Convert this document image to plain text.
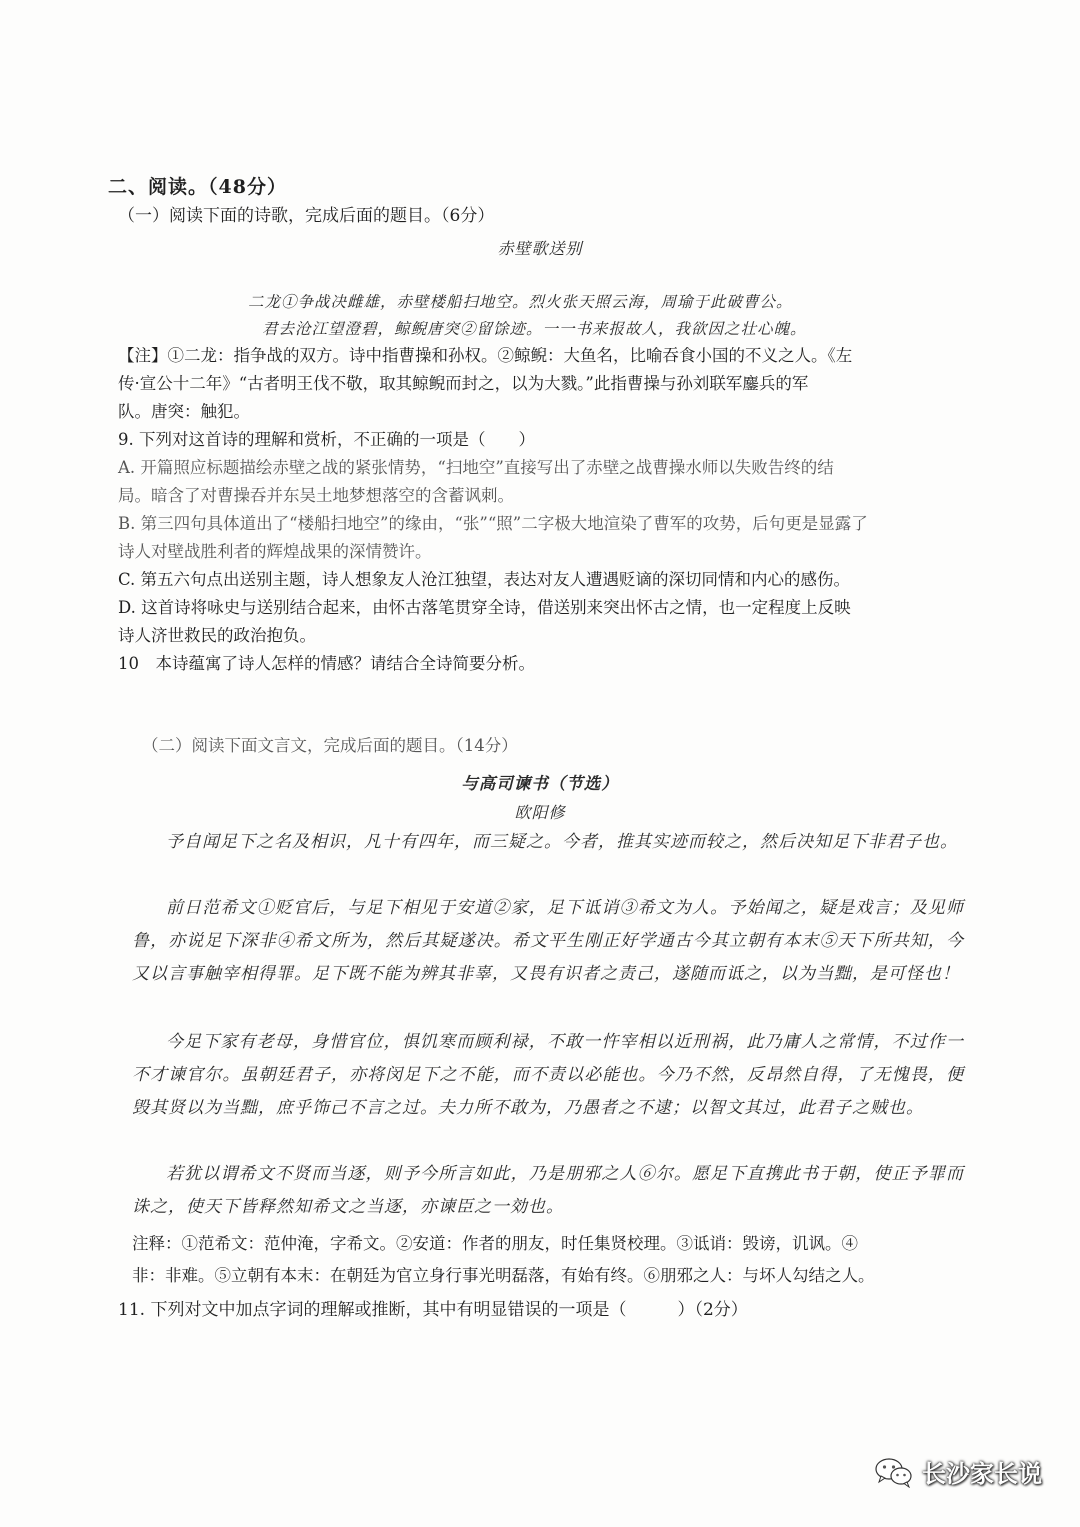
二、阅读。（48分）
（一）阅读下面的诗歌，完成后面的题目。（6分）
赤壁歌送别
二龙①争战决雌雄，赤壁楼船扫地空。烈火张天照云海，周瑜于此破曹公。
君去沧江望澄碧，鲸鲵唐突②留馀迹。一一书来报故人，我欲因之壮心魄。
【注】①二龙：指争战的双方。诗中指曹操和孙权。②鲸鲵：大鱼名，比喻吞食小国的不义之人。《左
传·宣公十二年》“古者明王伐不敬，取其鲸鲵而封之，以为大戮。”此指曹操与孙刘联军鏖兵的军
队。唐突：触犯。
9. 下列对这首诗的理解和赏析，不正确的一项是（　　）
A. 开篇照应标题描绘赤壁之战的紧张情势，“扫地空”直接写出了赤壁之战曹操水师以失败告终的结
局。暗含了对曹操吞并东吴土地梦想落空的含蓄讽刺。
B. 第三四句具体道出了“楼船扫地空”的缘由，“张”“照”二字极大地渲染了曹军的攻势，后句更是显露了
诗人对壁战胜利者的辉煌战果的深情赞许。
C. 第五六句点出送别主题，诗人想象友人沧江独望，表达对友人遭遇贬谪的深切同情和内心的感伤。
D. 这首诗将咏史与送别结合起来，由怀古落笔贯穿全诗，借送别来突出怀古之情，也一定程度上反映
诗人济世救民的政治抱负。
10　本诗蕴寓了诗人怎样的情感？请结合全诗简要分析。
（二）阅读下面文言文，完成后面的题目。（14分）
与高司谏书（节选）
欧阳修
予自闻足下之名及相识，凡十有四年，而三疑之。今者，推其实迹而较之，然后决知足下非君子也。
前日范希文①贬官后，与足下相见于安道②家，足下诋诮③希文为人。予始闻之，疑是戏言；及见师鲁，亦说足下深非④希文所为，然后其疑遂决。希文平生刚正好学通古今其立朝有本末⑤天下所共知，今又以言事触宰相得罪。足下既不能为辨其非辜，又畏有识者之责己，遂随而诋之，以为当黜，是可怪也！
今足下家有老母，身惜官位，惧饥寒而顾利禄，不敢一忤宰相以近刑祸，此乃庸人之常情，不过作一不才谏官尔。虽朝廷君子，亦将闵足下之不能，而不责以必能也。今乃不然，反昂然自得，了无愧畏，便毁其贤以为当黜，庶乎饰己不言之过。夫力所不敢为，乃愚者之不逮；以智文其过，此君子之贼也。
若犹以谓希文不贤而当逐，则予今所言如此，乃是朋邪之人⑥尔。愿足下直携此书于朝，使正予罪而诛之，使天下皆释然知希文之当逐，亦谏臣之一効也。
注释：①范希文：范仲淹，字希文。②安道：作者的朋友，时任集贤校理。③诋诮：毁谤，讥讽。④
非：非难。⑤立朝有本末：在朝廷为官立身行事光明磊落，有始有终。⑥朋邪之人：与坏人勾结之人。
11. 下列对文中加点字词的理解或推断，其中有明显错误的一项是（　　　）（2分）
长沙家长说
